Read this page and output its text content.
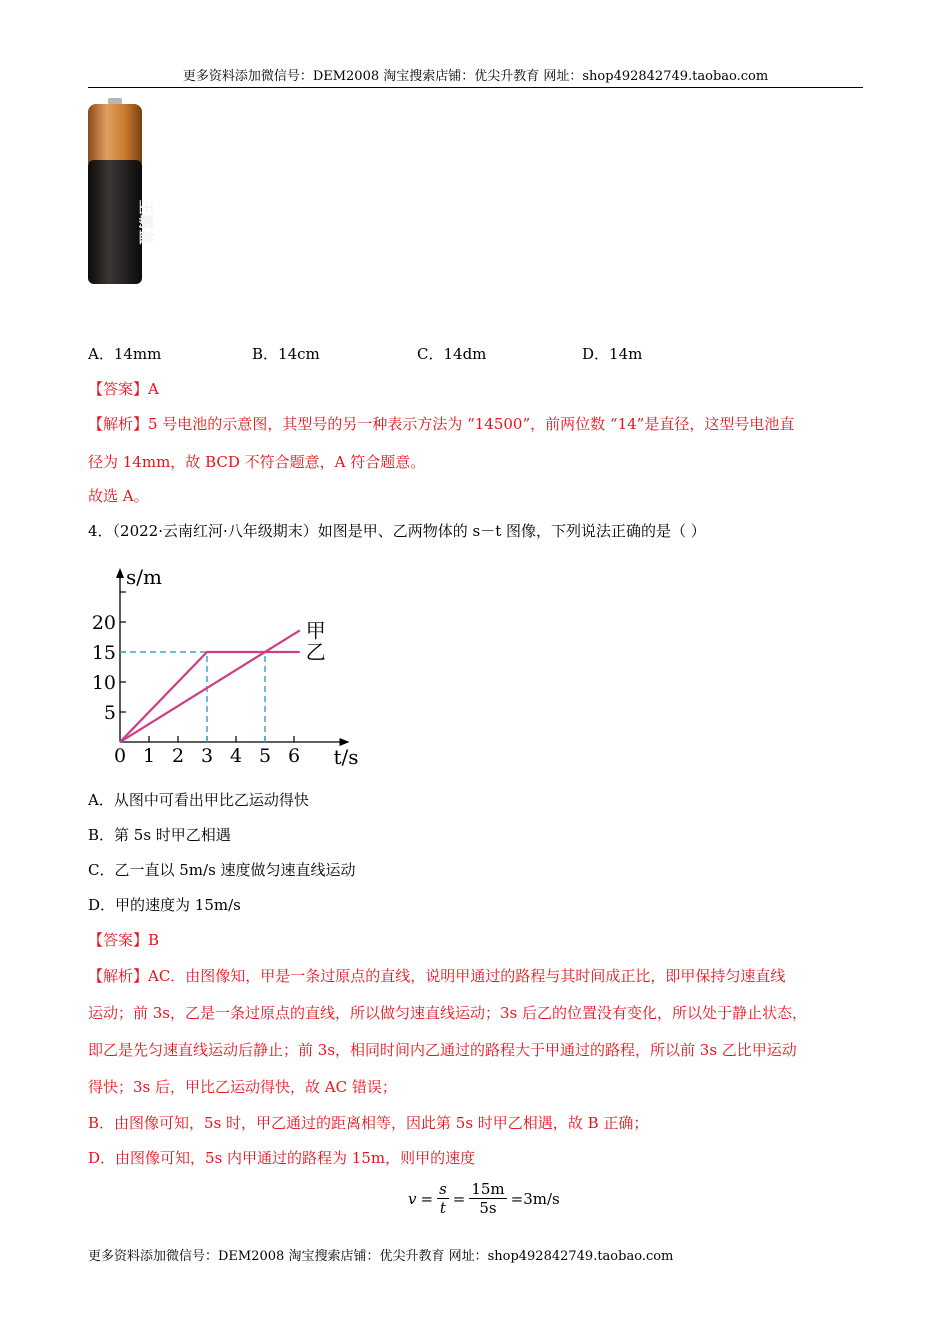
更多资料添加微信号：DEM2008 淘宝搜索店铺：优尖升教育 网址：shop492842749.taobao.com
王霸盖
A．14mm	B．14cm	C．14dm	D．14m
【答案】A
【解析】5 号电池的示意图，其型号的另一种表示方法为 “14500”，前两位数 “14”是直径，这型号电池直
径为 14mm，故 BCD 不符合题意，A 符合题意。
故选 A。
4．（2022·云南红河·八年级期末）如图是甲、乙两物体的 s－t 图像，下列说法正确的是（ ）
0 1 2 3 4 5 6
5
10
15
20
s/m
t/s
甲
乙
A．从图中可看出甲比乙运动得快
B．第 5s 时甲乙相遇
C．乙一直以 5m/s 速度做匀速直线运动
D．甲的速度为 15m/s
【答案】B
【解析】AC．由图像知，甲是一条过原点的直线，说明甲通过的路程与其时间成正比，即甲保持匀速直线
运动；前 3s，乙是一条过原点的直线，所以做匀速直线运动；3s 后乙的位置没有变化，所以处于静止状态，
即乙是先匀速直线运动后静止；前 3s，相同时间内乙通过的路程大于甲通过的路程，所以前 3s 乙比甲运动
得快；3s 后，甲比乙运动得快，故 AC 错误；
B．由图像可知，5s 时，甲乙通过的距离相等，因此第 5s 时甲乙相遇，故 B 正确；
D．由图像可知，5s 内甲通过的路程为 15m，则甲的速度
$v = \frac{s}{t} = \frac{15m}{5s} =3m/s$
更多资料添加微信号：DEM2008 淘宝搜索店铺：优尖升教育 网址：shop492842749.taobao.com
